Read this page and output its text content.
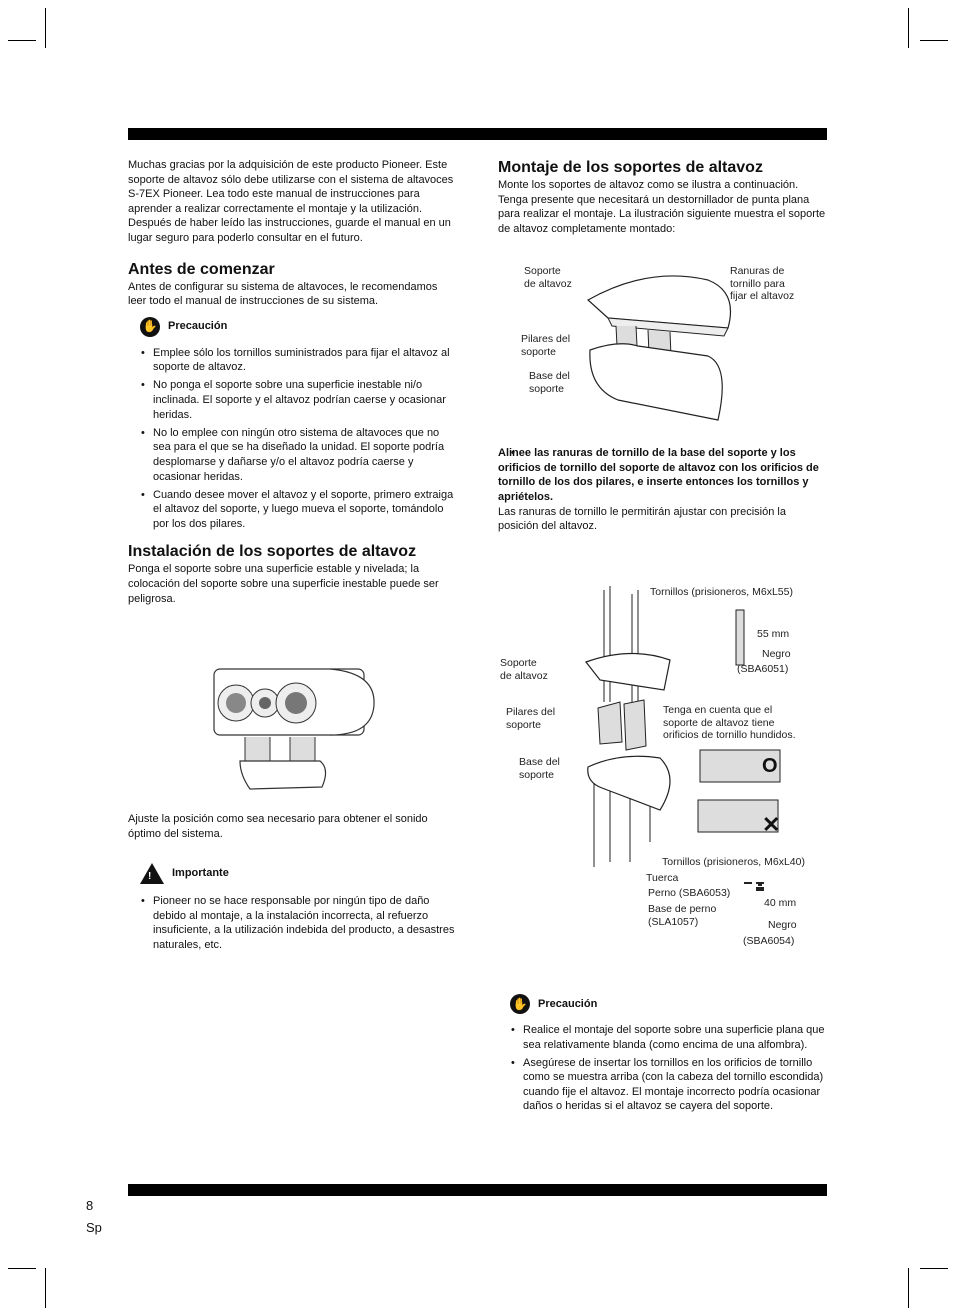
Muchas gracias por la adquisición de este producto Pioneer. Este soporte de altavoz sólo debe utilizarse con el sistema de altavoces S-7EX Pioneer. Lea todo este manual de instrucciones para aprender a realizar correctamente el montaje y la utilización. Después de haber leído las instrucciones, guarde el manual en un lugar seguro para poderlo consultar en el futuro.

Antes de comenzar

Antes de configurar su sistema de altavoces, le recomendamos leer todo el manual de instrucciones de su sistema.

✋ Precaución
• Emplee sólo los tornillos suministrados para fijar el altavoz al soporte de altavoz.
• No ponga el soporte sobre una superficie inestable ni/o inclinada. El soporte y el altavoz podrían caerse y ocasionar heridas.
• No lo emplee con ningún otro sistema de altavoces que no sea para el que se ha diseñado la unidad. El soporte podría desplomarse y dañarse y/o el altavoz podría caerse y ocasionar heridas.
• Cuando desee mover el altavoz y el soporte, primero extraiga el altavoz del soporte, y luego mueva el soporte, tomándolo por los dos pilares.
Instalación de los soportes de altavoz

Ponga el soporte sobre una superficie estable y nivelada; la colocación del soporte sobre una superficie inestable puede ser peligrosa.

Ajuste la posición como sea necesario para obtener el sonido óptimo del sistema.

! Importante
• Pioneer no se hace responsable por ningún tipo de daño debido al montaje, a la instalación incorrecta, al refuerzo insuficiente, a la utilización indebida del producto, a desastres naturales, etc.
Montaje de los soportes de altavoz

Monte los soportes de altavoz como se ilustra a continuación. Tenga presente que necesitará un destornillador de punta plana para realizar el montaje. La ilustración siguiente muestra el soporte de altavoz completamente montado:

Soporte
de altavoz
Ranuras de
tornillo para
fijar el altavoz
Pilares del
soporte
Base del
soporte
• Alinee las ranuras de tornillo de la base del soporte y los orificios de tornillo del soporte de altavoz con los orificios de tornillo de los dos pilares, e inserte entonces los tornillos y apriételos.

Las ranuras de tornillo le permitirán ajustar con precisión la posición del altavoz.

Tornillos (prisioneros, M6xL55)
55 mm
Negro
(SBA6051)
Soporte
de altavoz
Pilares del
soporte
Tenga en cuenta que el
soporte de altavoz tiene
orificios de tornillo hundidos.
Base del
soporte	O
✕
Tornillos (prisioneros, M6xL40)
Tuerca
Perno (SBA6053)
Base de perno
(SLA1057)
40 mm
Negro
(SBA6054)
✋ Precaución
• Realice el montaje del soporte sobre una superficie plana que sea relativamente blanda (como encima de una alfombra).
• Asegúrese de insertar los tornillos en los orificios de tornillo como se muestra arriba (con la cabeza del tornillo escondida) cuando fije el altavoz. El montaje incorrecto podría ocasionar daños o heridas si el altavoz se cayera del soporte.
8
Sp
